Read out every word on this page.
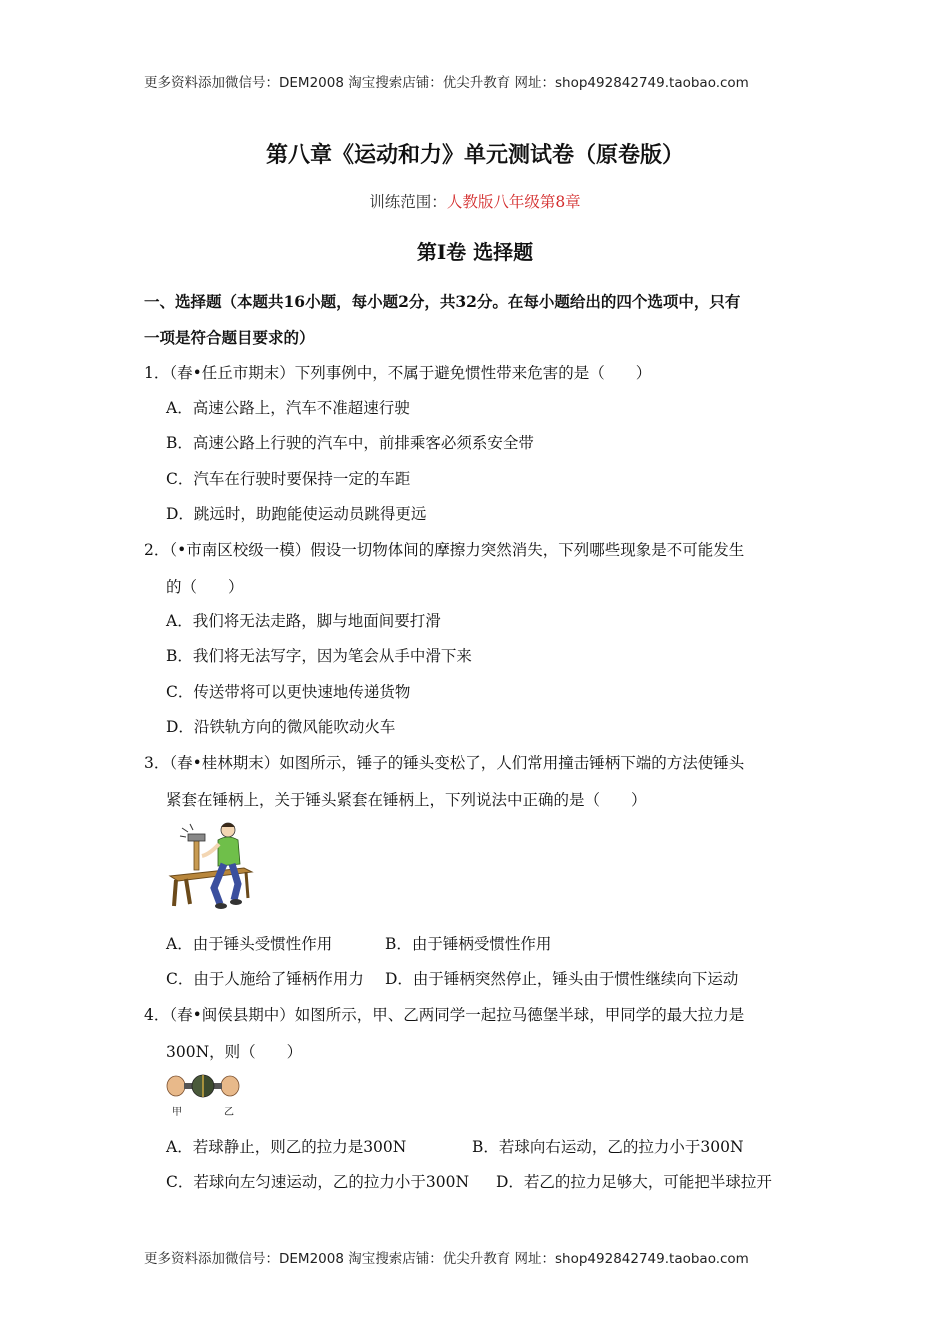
更多资料添加微信号：DEM2008 淘宝搜索店铺：优尖升教育 网址：shop492842749.taobao.com
第八章《运动和力》单元测试卷（原卷版）
训练范围：人教版八年级第8章
第Ⅰ卷 选择题
一、选择题（本题共16小题，每小题2分，共32分。在每小题给出的四个选项中，只有
一项是符合题目要求的）
1．（春•任丘市期末）下列事例中，不属于避免惯性带来危害的是（　　）
A．高速公路上，汽车不准超速行驶
B．高速公路上行驶的汽车中，前排乘客必须系安全带
C．汽车在行驶时要保持一定的车距
D．跳远时，助跑能使运动员跳得更远
2．（•市南区校级一模）假设一切物体间的摩擦力突然消失，下列哪些现象是不可能发生
的（　　）
A．我们将无法走路，脚与地面间要打滑
B．我们将无法写字，因为笔会从手中滑下来
C．传送带将可以更快速地传递货物
D．沿铁轨方向的微风能吹动火车
3．（春•桂林期末）如图所示，锤子的锤头变松了，人们常用撞击锤柄下端的方法使锤头
紧套在锤柄上，关于锤头紧套在锤柄上，下列说法中正确的是（　　）
A．由于锤头受惯性作用	B．由于锤柄受惯性作用
C．由于人施给了锤柄作用力 D．由于锤柄突然停止，锤头由于惯性继续向下运动
4．（春•闽侯县期中）如图所示，甲、乙两同学一起拉马德堡半球，甲同学的最大拉力是
300N，则（　　）
甲	乙
A．若球静止，则乙的拉力是300N	B．若球向右运动，乙的拉力小于300N
C．若球向左匀速运动，乙的拉力小于300N D．若乙的拉力足够大，可能把半球拉开
更多资料添加微信号：DEM2008 淘宝搜索店铺：优尖升教育 网址：shop492842749.taobao.com
